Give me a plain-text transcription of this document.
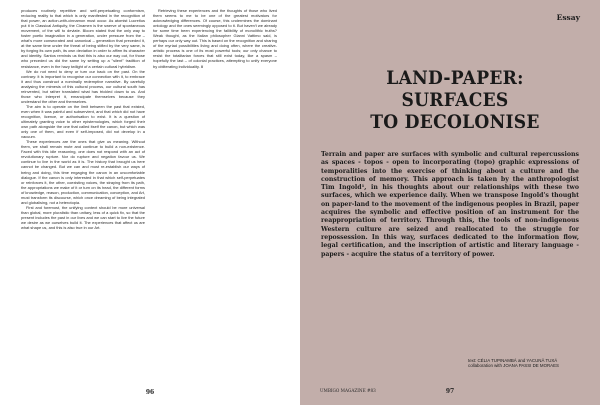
produces routinely repetitive and self-perpetuating conformism, reducing reality to that which is only manifested in the recognition of that power, an action-with-cinnamon must occur. As atomist Lucretius put it in Classical Antiquity, the Cinamen is the swerve of spontaneous movement, of the will to deviate. Bloom stated that the only way to foster poetic imagination in a generation, under pressure from the – what's more consecrated and canonical – generation that preceded it, at the same time under the threat of being stifled by the very same, is by forging its own path, its own deviation in order to affirm its character and identity. Santos reminds us that this is also our way out, for those who preceded us did the same by setting up a "silent" tradition of resistance, even in the hazy twilight of a certain cultural hybridism.

We do not need to deny or turn our back on the past. On the contrary: it is important to recognise our connection with it, to embrace it and thus construct a nominally redemptive narrative. By carefully analysing the mimesis of this cultural process, our cultural south has reinvented, but rather translated what has trickled down to us. And those who interpret it, emancipate themselves because they understand the other and themselves.

The aim is to operate on the limit between the past that existed, even when it was painful and subservient, and that which did not have recognition, licence, or authorisation to exist. It is a question of ultimately granting voice to other epistemologies, which forged their own path alongside the one that called itself the canon, but which was only one of them, and even if self-imposed, did not develop in a vacuum.

These experiences are the ones that give us meaning. Without them, we shall remain mute and continue to build a non-existence. Faced with this idle reasoning, one does not respond with an act of revolutionary rupture. Nor do rupture and negation favour us. We continue to live in the world as it is. The history that brought us here cannot be changed. But we can and must re-establish our ways of being and doing, this time engaging the canon in an uncomfortable dialogue. If the canon is only interested in that which self-perpetuates or reinforces it, the other, coexisting voices, the straying from its path, the appropriations we make of it or turn on its head, the different forms of knowledge, reason, production, communication, conception, and Art, must transform its discourse, which once dreaming of being integrated and globalising, not a heterotopia.

First and foremost, the unifying context should be more universal than global, more pluralistic than unitary, less of a quick fix, so that the present includes the past in our lives and we can start to live the future we desire as we ourselves build it. The experiences that affect us are what shape us, and this is also true in our Art.

Retrieving these experiences and the thoughts of those who lived them seems to me to be one of the greatest motivators for acknowledging differences. Of course, this undermines the dominant ontology and the ones seemingly opposed to it. But haven't we already for some time been experiencing the fallibility of monolithic truths? Weak thought, as the Italian philosopher Gianni Vattimo said, is perhaps our only way out. This is based on the recognition and sharing of the myriad possibilities living and doing often, where the creative-artistic process is one of its most powerful tools; our only chance to resist the totalitarian forces that still exist today, like a spasm – hopefully the last – of colonial practices, attempting to unify everyone by obliterating individuality. //

96
Essay
LAND-PAPER:
SURFACES
TO DECOLONISE
Terrain and paper are surfaces with symbolic and cultural repercussions as spaces - topos - open to incorporating (topo) graphic expressions of temporalities into the exercise of thinking about a culture and the construction of memory. This approach is taken by the anthropologist Tim Ingold¹, in his thoughts about our relationships with these two surfaces, which we experience daily. When we transpose Ingold's thought on paper-land to the movement of the indigenous peoples in Brazil, paper acquires the symbolic and effective position of an instrument for the reappropriation of territory. Through this, the tools of non-indigenous Western culture are seized and reallocated to the struggle for repossession. In this way, surfaces dedicated to the information flow, legal certification, and the inscription of artistic and literary language - papers - acquire the status of a territory of power.
text: CÉLIA TUPINAMBÁ and YACUNÃ TUXÁ
collaboration with JOANA PASSI DE MORAES
UMBIGO MAGAZINE #83	97
